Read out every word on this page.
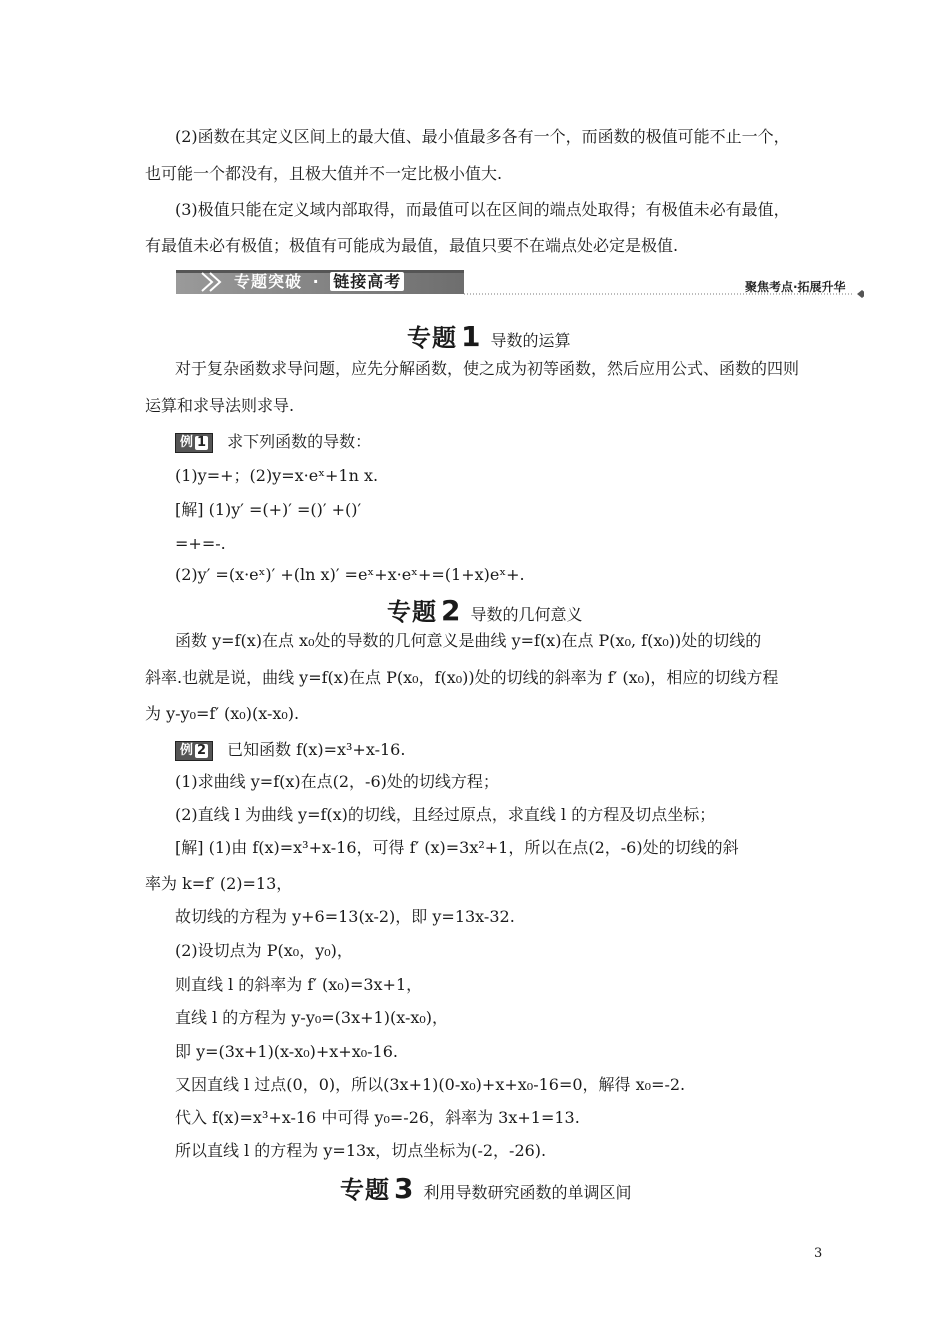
(2)函数在其定义区间上的最大值、最小值最多各有一个，而函数的极值可能不止一个，
也可能一个都没有，且极大值并不一定比极小值大.
(3)极值只能在定义域内部取得，而最值可以在区间的端点处取得；有极值未必有最值，
有最值未必有极值；极值有可能成为最值，最值只要不在端点处必定是极值.
专题突破 · 链接高考	聚焦考点·拓展升华
专题 1 导数的运算
对于复杂函数求导问题，应先分解函数，使之成为初等函数，然后应用公式、函数的四则
运算和求导法则求导.
例 1 求下列函数的导数：
(1)y=+；(2)y=x·eˣ+1n x.
[解] (1)y′ =(+)′ =()′ +()′
=+=-.
(2)y′ =(x·eˣ)′ +(ln x)′ =eˣ+x·eˣ+=(1+x)eˣ+.
专题 2 导数的几何意义
函数 y=f(x)在点 x₀处的导数的几何意义是曲线 y=f(x)在点 P(x₀, f(x₀))处的切线的
斜率.也就是说，曲线 y=f(x)在点 P(x₀，f(x₀))处的切线的斜率为 f′ (x₀)，相应的切线方程
为 y-y₀=f′ (x₀)(x-x₀).
例 2 已知函数 f(x)=x³+x-16.
(1)求曲线 y=f(x)在点(2，-6)处的切线方程；
(2)直线 l 为曲线 y=f(x)的切线，且经过原点，求直线 l 的方程及切点坐标；
[解] (1)由 f(x)=x³+x-16，可得 f′ (x)=3x²+1，所以在点(2，-6)处的切线的斜
率为 k=f′ (2)=13，
故切线的方程为 y+6=13(x-2)，即 y=13x-32.
(2)设切点为 P(x₀，y₀)，
则直线 l 的斜率为 f′ (x₀)=3x+1，
直线 l 的方程为 y-y₀=(3x+1)(x-x₀)，
即 y=(3x+1)(x-x₀)+x+x₀-16.
又因直线 l 过点(0，0)，所以(3x+1)(0-x₀)+x+x₀-16=0，解得 x₀=-2.
代入 f(x)=x³+x-16 中可得 y₀=-26，斜率为 3x+1=13.
所以直线 l 的方程为 y=13x，切点坐标为(-2，-26).
专题 3 利用导数研究函数的单调区间
3
